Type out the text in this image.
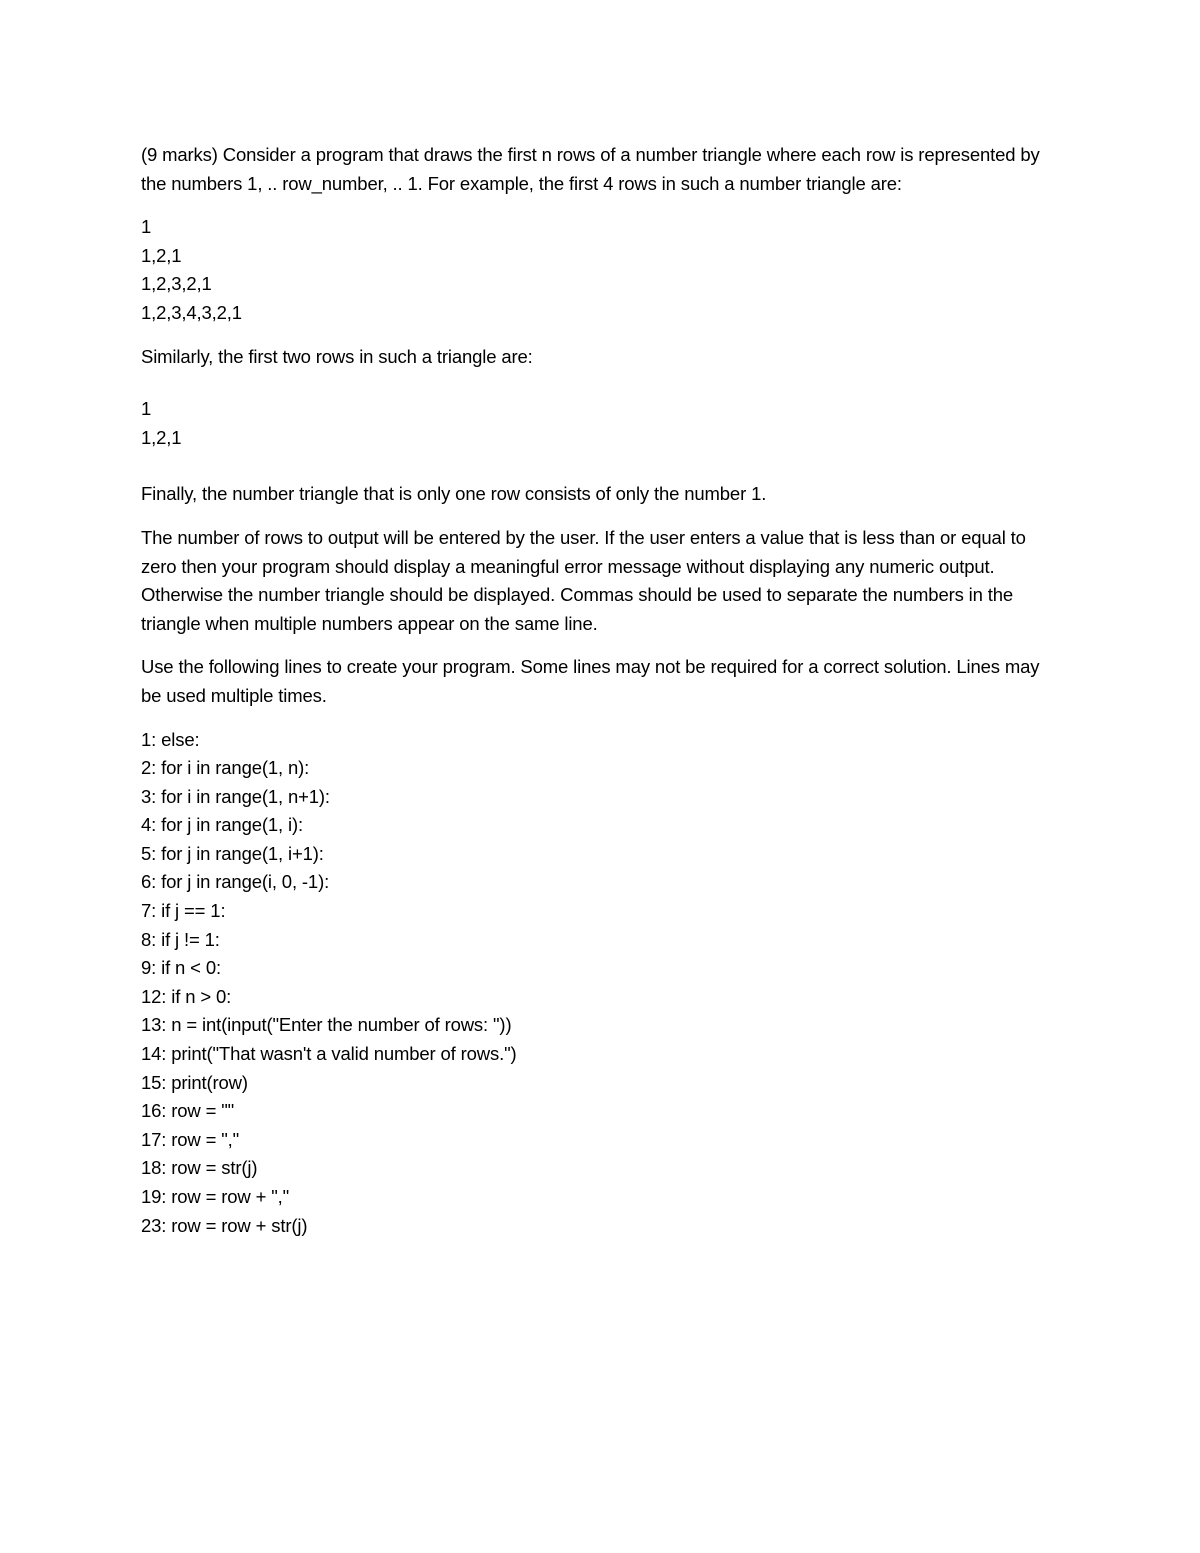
(9 marks) Consider a program that draws the first n rows of a number triangle where each row is represented by the numbers 1, .. row_number, .. 1. For example, the first 4 rows in such a number triangle are:

1
1,2,1
1,2,3,2,1
1,2,3,4,3,2,1

Similarly, the first two rows in such a triangle are:

1
1,2,1

Finally, the number triangle that is only one row consists of only the number 1.

The number of rows to output will be entered by the user. If the user enters a value that is less than or equal to zero then your program should display a meaningful error message without displaying any numeric output. Otherwise the number triangle should be displayed. Commas should be used to separate the numbers in the triangle when multiple numbers appear on the same line.

Use the following lines to create your program. Some lines may not be required for a correct solution. Lines may be used multiple times.

1: else:
2: for i in range(1, n):
3: for i in range(1, n+1):
4: for j in range(1, i):
5: for j in range(1, i+1):
6: for j in range(i, 0, -1):
7: if j == 1:
8: if j != 1:
9: if n < 0:
12: if n > 0:
13: n = int(input("Enter the number of rows: "))
14: print("That wasn't a valid number of rows.")
15: print(row)
16: row = ""
17: row = ","
18: row = str(j)
19: row = row + ","
23: row = row + str(j)
